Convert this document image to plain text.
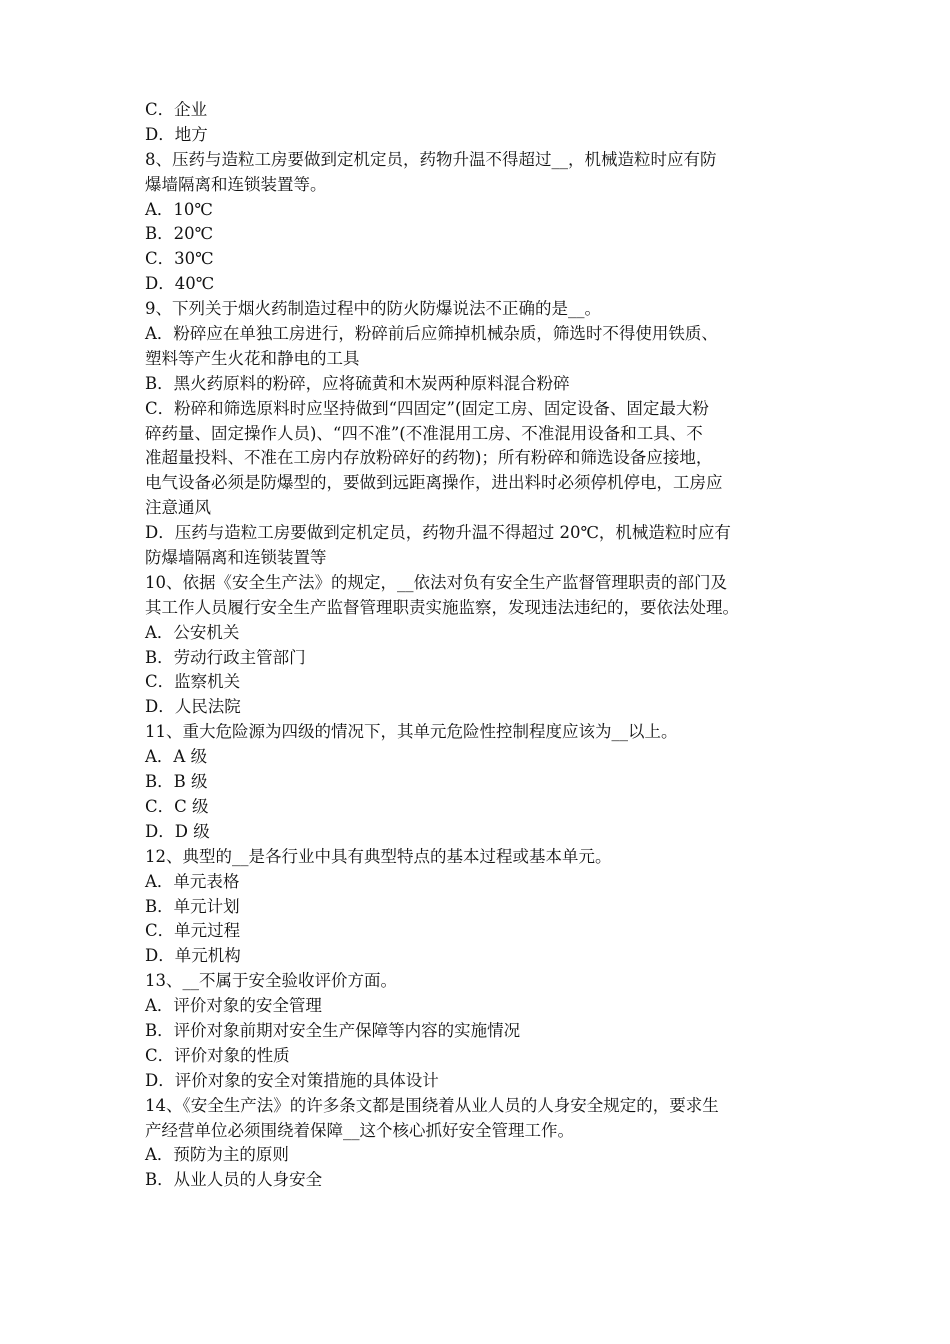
C．企业
D．地方
8、压药与造粒工房要做到定机定员，药物升温不得超过__，机械造粒时应有防
爆墙隔离和连锁装置等。
A．10℃
B．20℃
C．30℃
D．40℃
9、下列关于烟火药制造过程中的防火防爆说法不正确的是__。
A．粉碎应在单独工房进行，粉碎前后应筛掉机械杂质，筛选时不得使用铁质、
塑料等产生火花和静电的工具
B．黑火药原料的粉碎，应将硫黄和木炭两种原料混合粉碎
C．粉碎和筛选原料时应坚持做到“四固定”(固定工房、固定设备、固定最大粉
碎药量、固定操作人员)、“四不准”(不准混用工房、不准混用设备和工具、不
准超量投料、不准在工房内存放粉碎好的药物)；所有粉碎和筛选设备应接地，
电气设备必须是防爆型的，要做到远距离操作，进出料时必须停机停电，工房应
注意通风
D．压药与造粒工房要做到定机定员，药物升温不得超过 20℃，机械造粒时应有
防爆墙隔离和连锁装置等
10、依据《安全生产法》的规定，__依法对负有安全生产监督管理职责的部门及
其工作人员履行安全生产监督管理职责实施监察，发现违法违纪的，要依法处理。
A．公安机关
B．劳动行政主管部门
C．监察机关
D．人民法院
11、重大危险源为四级的情况下，其单元危险性控制程度应该为__以上。
A．A 级
B．B 级
C．C 级
D．D 级
12、典型的__是各行业中具有典型特点的基本过程或基本单元。
A．单元表格
B．单元计划
C．单元过程
D．单元机构
13、__不属于安全验收评价方面。
A．评价对象的安全管理
B．评价对象前期对安全生产保障等内容的实施情况
C．评价对象的性质
D．评价对象的安全对策措施的具体设计
14、《安全生产法》的许多条文都是围绕着从业人员的人身安全规定的，要求生
产经营单位必须围绕着保障__这个核心抓好安全管理工作。
A．预防为主的原则
B．从业人员的人身安全
